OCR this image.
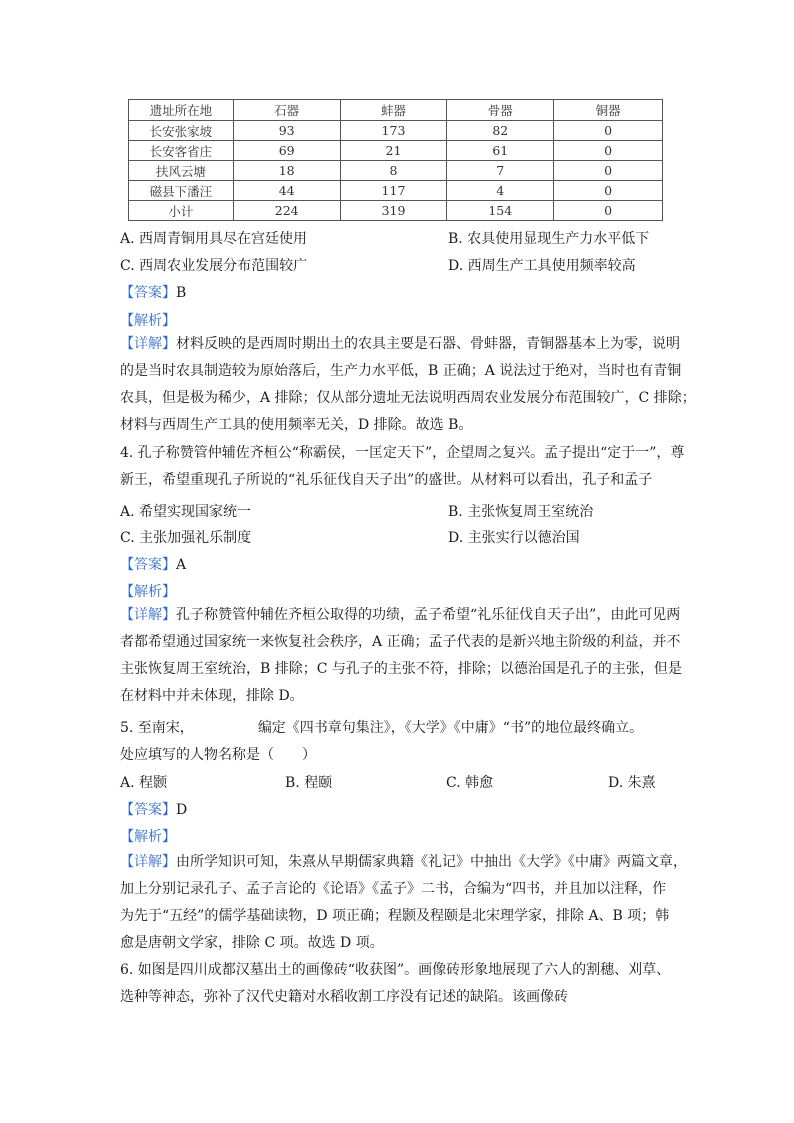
遗址所在地	石器	蚌器	骨器	铜器
长安张家坡	93	173	82	0
长安客省庄	69	21	61	0
扶风云塘	18	8	7	0
磁县下潘汪	44	117	4	0
小计	224	319	154	0
A. 西周青铜用具尽在宫廷使用	B. 农具使用显现生产力水平低下
C. 西周农业发展分布范围较广	D. 西周生产工具使用频率较高
【答案】B
【解析】
【详解】材料反映的是西周时期出土的农具主要是石器、骨蚌器，青铜器基本上为零，说明
的是当时农具制造较为原始落后，生产力水平低，B 正确；A 说法过于绝对，当时也有青铜
农具，但是极为稀少，A 排除；仅从部分遗址无法说明西周农业发展分布范围较广，C 排除；
材料与西周生产工具的使用频率无关，D 排除。故选 B。
4. 孔子称赞管仲辅佐齐桓公“称霸侯，一匡定天下”，企望周之复兴。孟子提出“定于一”，尊
新王，希望重现孔子所说的“礼乐征伐自天子出”的盛世。从材料可以看出，孔子和孟子
A. 希望实现国家统一	B. 主张恢复周王室统治
C. 主张加强礼乐制度	D. 主张实行以德治国
【答案】A
【解析】
【详解】孔子称赞管仲辅佐齐桓公取得的功绩，孟子希望“礼乐征伐自天子出”，由此可见两
者都希望通过国家统一来恢复社会秩序，A 正确；孟子代表的是新兴地主阶级的利益，并不
主张恢复周王室统治，B 排除；C 与孔子的主张不符，排除；以德治国是孔子的主张，但是
在材料中并未体现，排除 D。
5. 至南宋，	编定《四书章句集注》，《大学》《中庸》“书”的地位最终确立。
处应填写的人物名称是（　　）
A. 程颢	B. 程颐	C. 韩愈	D. 朱熹
【答案】D
【解析】
【详解】由所学知识可知，朱熹从早期儒家典籍《礼记》中抽出《大学》《中庸》两篇文章，
加上分别记录孔子、孟子言论的《论语》《孟子》二书，合编为“四书，并且加以注释，作
为先于“五经”的儒学基础读物，D 项正确；程颢及程颐是北宋理学家，排除 A、B 项；韩
愈是唐朝文学家，排除 C 项。故选 D 项。
6. 如图是四川成都汉墓出土的画像砖“收获图”。画像砖形象地展现了六人的割穗、刈草、
选种等神态，弥补了汉代史籍对水稻收割工序没有记述的缺陷。该画像砖
